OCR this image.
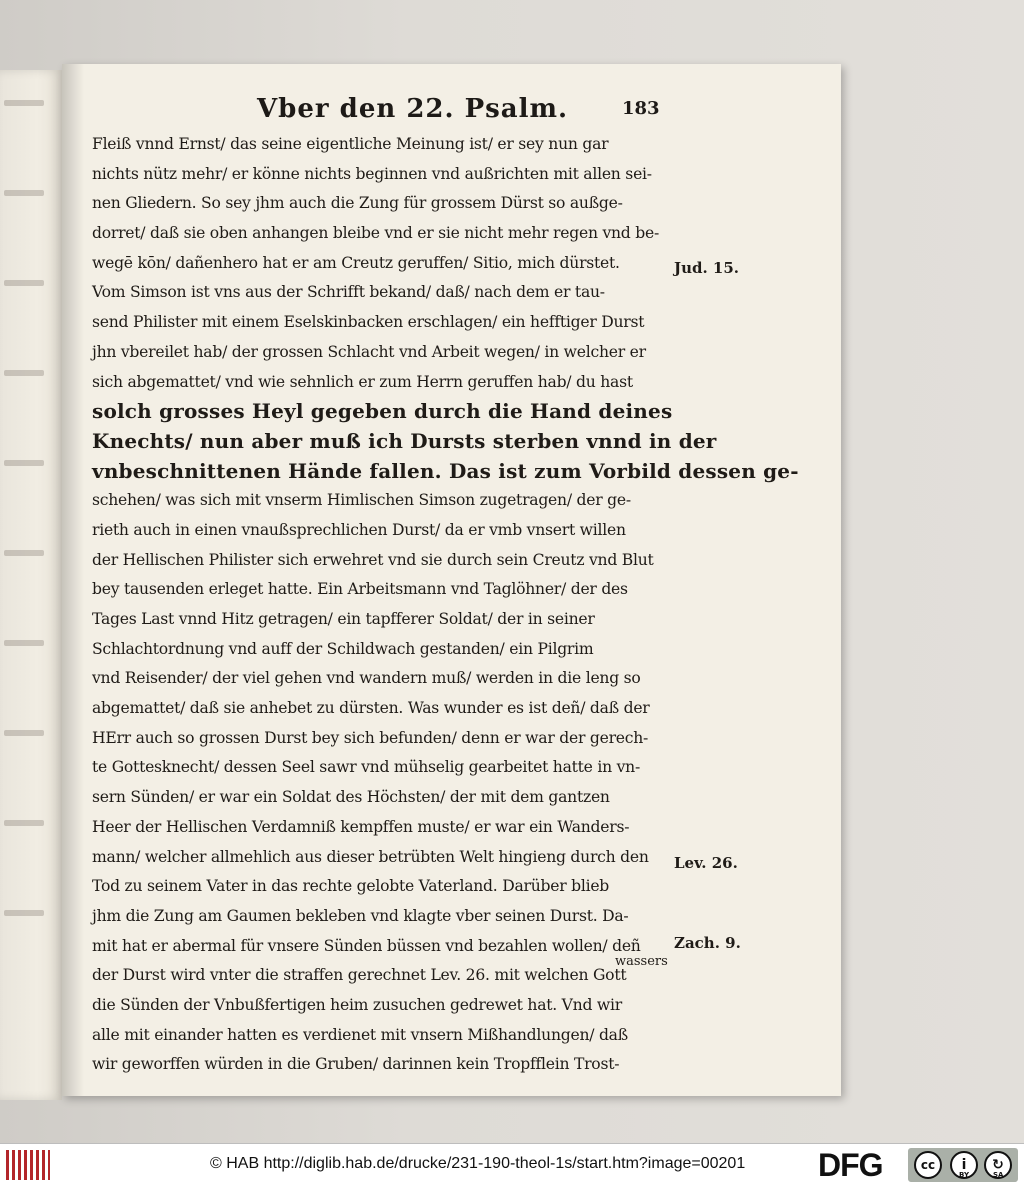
Vber den 22. Psalm.	183
Fleiß vnnd Ernst/ das seine eigentliche Meinung ist/ er sey nun gar
nichts nütz mehr/ er könne nichts beginnen vnd außrichten mit allen sei-
nen Gliedern. So sey jhm auch die Zung für grossem Dürst so außge-
dorret/ daß sie oben anhangen bleibe vnd er sie nicht mehr regen vnd be-
wegē kōn/ dañenhero hat er am Creutz geruffen/ Sitio, mich dürstet.
Vom Simson ist vns aus der Schrifft bekand/ daß/ nach dem er tau-
send Philister mit einem Eselskinbacken erschlagen/ ein hefftiger Durst
jhn vbereilet hab/ der grossen Schlacht vnd Arbeit wegen/ in welcher er
sich abgemattet/ vnd wie sehnlich er zum Herrn geruffen hab/ du hast
solch grosses Heyl gegeben durch die Hand deines
Knechts/ nun aber muß ich Dursts sterben vnnd in der
vnbeschnittenen Hände fallen. Das ist zum Vorbild dessen ge-
schehen/ was sich mit vnserm Himlischen Simson zugetragen/ der ge-
rieth auch in einen vnaußsprechlichen Durst/ da er vmb vnsert willen
der Hellischen Philister sich erwehret vnd sie durch sein Creutz vnd Blut
bey tausenden erleget hatte. Ein Arbeitsmann vnd Taglöhner/ der des
Tages Last vnnd Hitz getragen/ ein tapfferer Soldat/ der in seiner
Schlachtordnung vnd auff der Schildwach gestanden/ ein Pilgrim
vnd Reisender/ der viel gehen vnd wandern muß/ werden in die leng so
abgemattet/ daß sie anhebet zu dürsten. Was wunder es ist deñ/ daß der
HErr auch so grossen Durst bey sich befunden/ denn er war der gerech-
te Gottesknecht/ dessen Seel sawr vnd mühselig gearbeitet hatte in vn-
sern Sünden/ er war ein Soldat des Höchsten/ der mit dem gantzen
Heer der Hellischen Verdamniß kempffen muste/ er war ein Wanders-
mann/ welcher allmehlich aus dieser betrübten Welt hingieng durch den
Tod zu seinem Vater in das rechte gelobte Vaterland. Darüber blieb
jhm die Zung am Gaumen bekleben vnd klagte vber seinen Durst. Da-
mit hat er abermal für vnsere Sünden büssen vnd bezahlen wollen/ deñ
der Durst wird vnter die straffen gerechnet Lev. 26. mit welchen Gott
die Sünden der Vnbußfertigen heim zusuchen gedrewet hat. Vnd wir
alle mit einander hatten es verdienet mit vnsern Mißhandlungen/ daß
wir geworffen würden in die Gruben/ darinnen kein Tropfflein Trost-
Jud. 15.
Lev. 26.
Zach. 9.
wassers
© HAB http://diglib.hab.de/drucke/231-190-theol-1s/start.htm?image=00201 DFG	cc	i	↻
BY	SA
